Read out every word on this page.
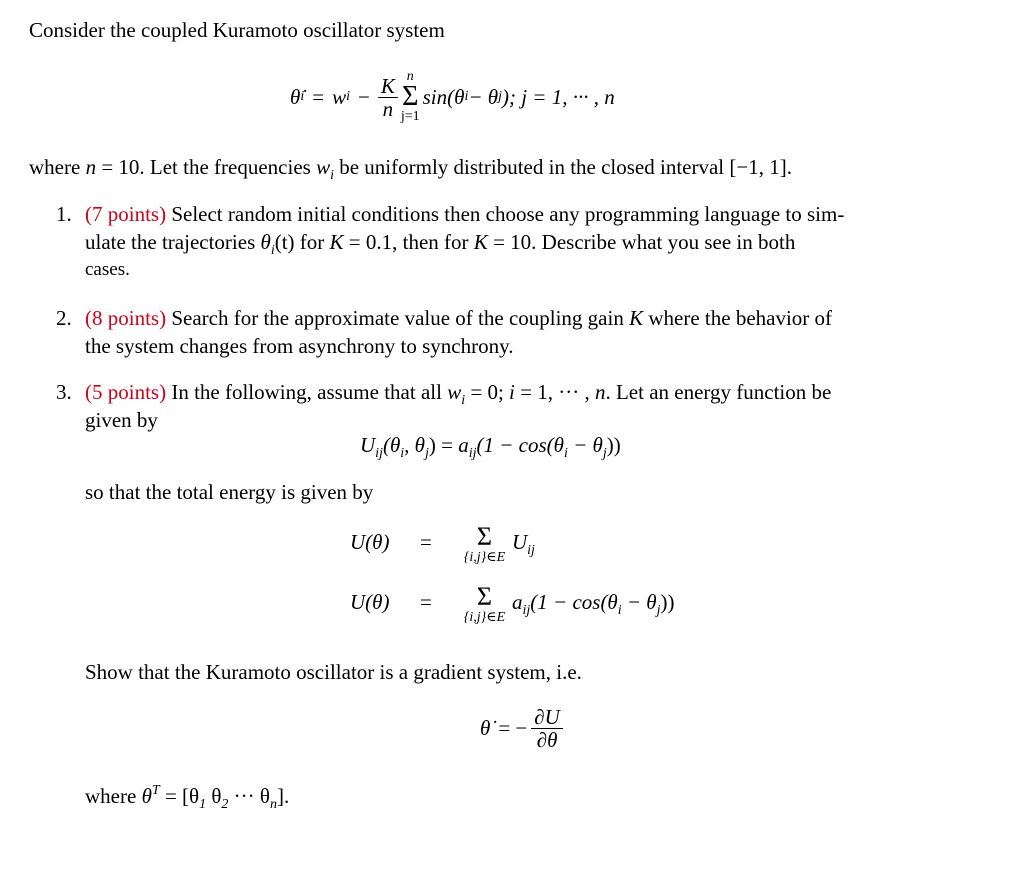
Consider the coupled Kuramoto oscillator system
θ̇ i = w $i - \frac{K}{n}$ n
Σ
j=1
sin(θ i − θ j ); j = 1, ··· , n
where n = 10. Let the frequencies $w_i$ be uniformly distributed in the closed interval [−1, 1].
1. (7 points) Select random initial conditions then choose any programming language to sim-
ulate the trajectories $\theta_i(t)$ for K = 0.1, then for K = 10. Describe what you see in both
cases.
2. (8 points) Search for the approximate value of the coupling gain K where the behavior of
the system changes from asynchrony to synchrony.
3. (5 points) In the following, assume that all $w_i = 0$; i = 1, ··· , n. Let an energy function be
given by
$U_{ij}(\theta_i$, $\theta_j) = a_{ij}(1 - \cos(\theta_i - \theta_j))$
so that the total energy is given by
U(θ) =	Σ
{i,j}∈E
$U_{ij}$
U(θ) =	Σ
{i,j}∈E
$a_{ij}(1 - \cos(\theta_i - \theta_j))$
Show that the Kuramoto oscillator is a gradient system, i.e.
θ̇ = − $\frac{\partial U}{\partial\theta}$
where $\theta^T = [\theta_1$ $\theta_2$ ··· $\theta_n$].
